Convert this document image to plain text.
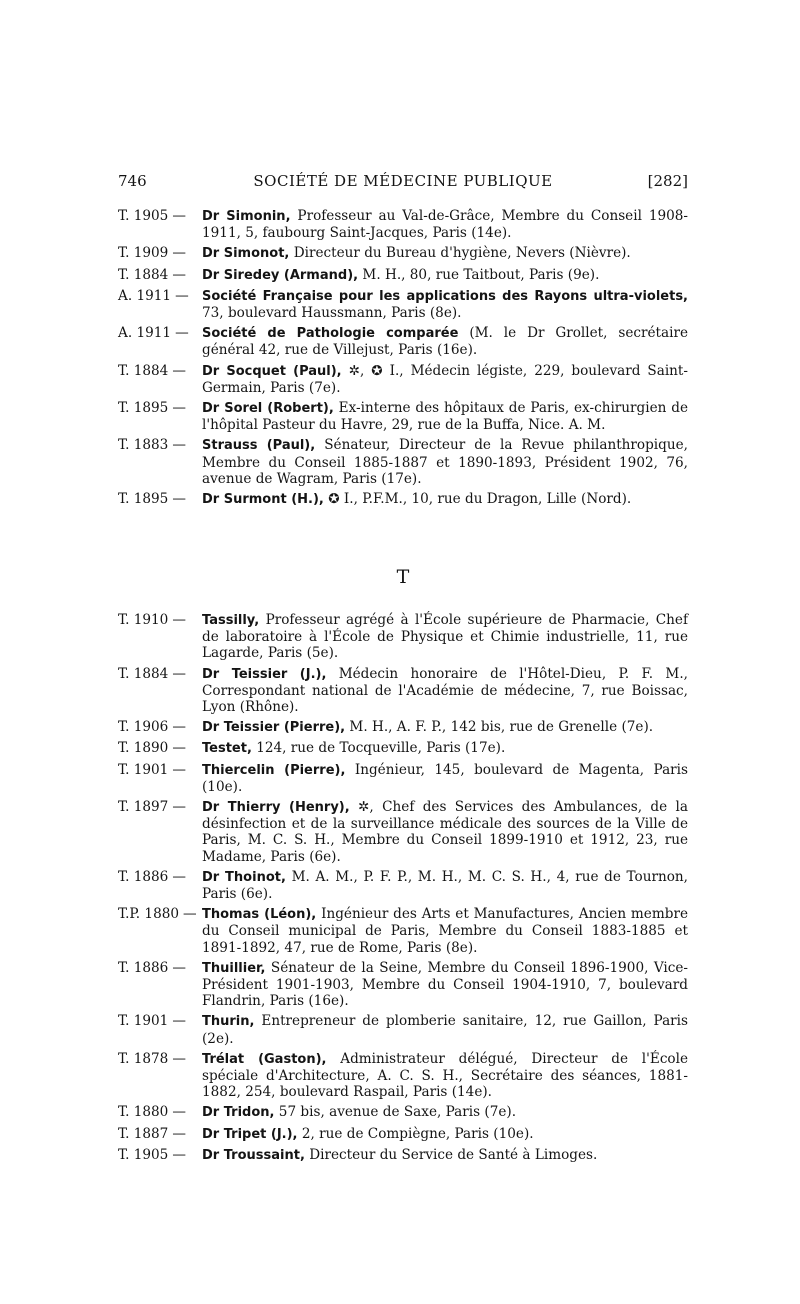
746	SOCIÉTÉ DE MÉDECINE PUBLIQUE	[282]
T. 1905 —	Dr Simonin, Professeur au Val-de-Grâce, Membre du Conseil 1908-1911, 5, faubourg Saint-Jacques, Paris (14e).
T. 1909 —	Dr Simonot, Directeur du Bureau d'hygiène, Nevers (Nièvre).
T. 1884 —	Dr Siredey (Armand), M. H., 80, rue Taitbout, Paris (9e).
A. 1911 —	Société Française pour les applications des Rayons ultra-violets, 73, boulevard Haussmann, Paris (8e).
A. 1911 —	Société de Pathologie comparée (M. le Dr Grollet, secrétaire général 42, rue de Villejust, Paris (16e).
T. 1884 —	Dr Socquet (Paul), ✲, ✪ I., Médecin légiste, 229, boulevard Saint-Germain, Paris (7e).
T. 1895 —	Dr Sorel (Robert), Ex-interne des hôpitaux de Paris, ex-chirurgien de l'hôpital Pasteur du Havre, 29, rue de la Buffa, Nice. A. M.
T. 1883 —	Strauss (Paul), Sénateur, Directeur de la Revue philanthropique, Membre du Conseil 1885-1887 et 1890-1893, Président 1902, 76, avenue de Wagram, Paris (17e).
T. 1895 —	Dr Surmont (H.), ✪ I., P.F.M., 10, rue du Dragon, Lille (Nord).
T
T. 1910 —	Tassilly, Professeur agrégé à l'École supérieure de Pharmacie, Chef de laboratoire à l'École de Physique et Chimie industrielle, 11, rue Lagarde, Paris (5e).
T. 1884 —	Dr Teissier (J.), Médecin honoraire de l'Hôtel-Dieu, P. F. M., Correspondant national de l'Académie de médecine, 7, rue Boissac, Lyon (Rhône).
T. 1906 —	Dr Teissier (Pierre), M. H., A. F. P., 142 bis, rue de Grenelle (7e).
T. 1890 —	Testet, 124, rue de Tocqueville, Paris (17e).
T. 1901 —	Thiercelin (Pierre), Ingénieur, 145, boulevard de Magenta, Paris (10e).
T. 1897 —	Dr Thierry (Henry), ✲, Chef des Services des Ambulances, de la désinfection et de la surveillance médicale des sources de la Ville de Paris, M. C. S. H., Membre du Conseil 1899-1910 et 1912, 23, rue Madame, Paris (6e).
T. 1886 —	Dr Thoinot, M. A. M., P. F. P., M. H., M. C. S. H., 4, rue de Tournon, Paris (6e).
T.P. 1880 — Thomas (Léon), Ingénieur des Arts et Manufactures, Ancien membre du Conseil municipal de Paris, Membre du Conseil 1883-1885 et 1891-1892, 47, rue de Rome, Paris (8e).
T. 1886 —	Thuillier, Sénateur de la Seine, Membre du Conseil 1896-1900, Vice-Président 1901-1903, Membre du Conseil 1904-1910, 7, boulevard Flandrin, Paris (16e).
T. 1901 —	Thurin, Entrepreneur de plomberie sanitaire, 12, rue Gaillon, Paris (2e).
T. 1878 —	Trélat (Gaston), Administrateur délégué, Directeur de l'École spéciale d'Architecture, A. C. S. H., Secrétaire des séances, 1881-1882, 254, boulevard Raspail, Paris (14e).
T. 1880 —	Dr Tridon, 57 bis, avenue de Saxe, Paris (7e).
T. 1887 —	Dr Tripet (J.), 2, rue de Compiègne, Paris (10e).
T. 1905 —	Dr Troussaint, Directeur du Service de Santé à Limoges.
